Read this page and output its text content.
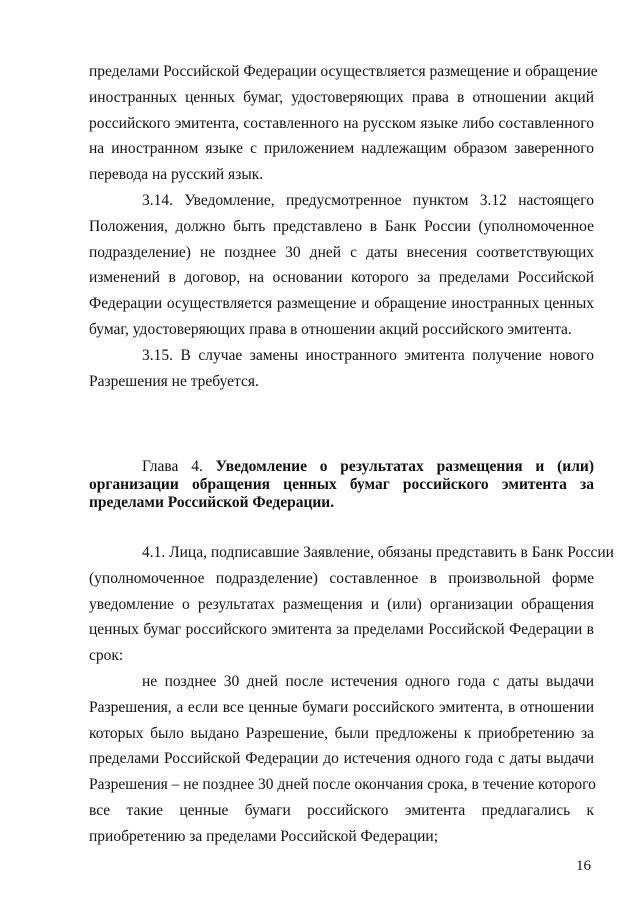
пределами Российской Федерации осуществляется размещение и обращение
иностранных ценных бумаг, удостоверяющих права в отношении акций
российского эмитента, составленного на русском языке либо составленного
на иностранном языке с приложением надлежащим образом заверенного
перевода на русский язык.
3.14. Уведомление, предусмотренное пунктом 3.12 настоящего
Положения, должно быть представлено в Банк России (уполномоченное
подразделение) не позднее 30 дней с даты внесения соответствующих
изменений в договор, на основании которого за пределами Российской
Федерации осуществляется размещение и обращение иностранных ценных
бумаг, удостоверяющих права в отношении акций российского эмитента.
3.15. В случае замены иностранного эмитента получение нового
Разрешения не требуется.
Глава 4. Уведомление о результатах размещения и (или)
организации обращения ценных бумаг российского эмитента за
пределами Российской Федерации.
4.1. Лица, подписавшие Заявление, обязаны представить в Банк России
(уполномоченное подразделение) составленное в произвольной форме
уведомление о результатах размещения и (или) организации обращения
ценных бумаг российского эмитента за пределами Российской Федерации в
срок:
не позднее 30 дней после истечения одного года с даты выдачи
Разрешения, а если все ценные бумаги российского эмитента, в отношении
которых было выдано Разрешение, были предложены к приобретению за
пределами Российской Федерации до истечения одного года с даты выдачи
Разрешения – не позднее 30 дней после окончания срока, в течение которого
все такие ценные бумаги российского эмитента предлагались к
приобретению за пределами Российской Федерации;
16
